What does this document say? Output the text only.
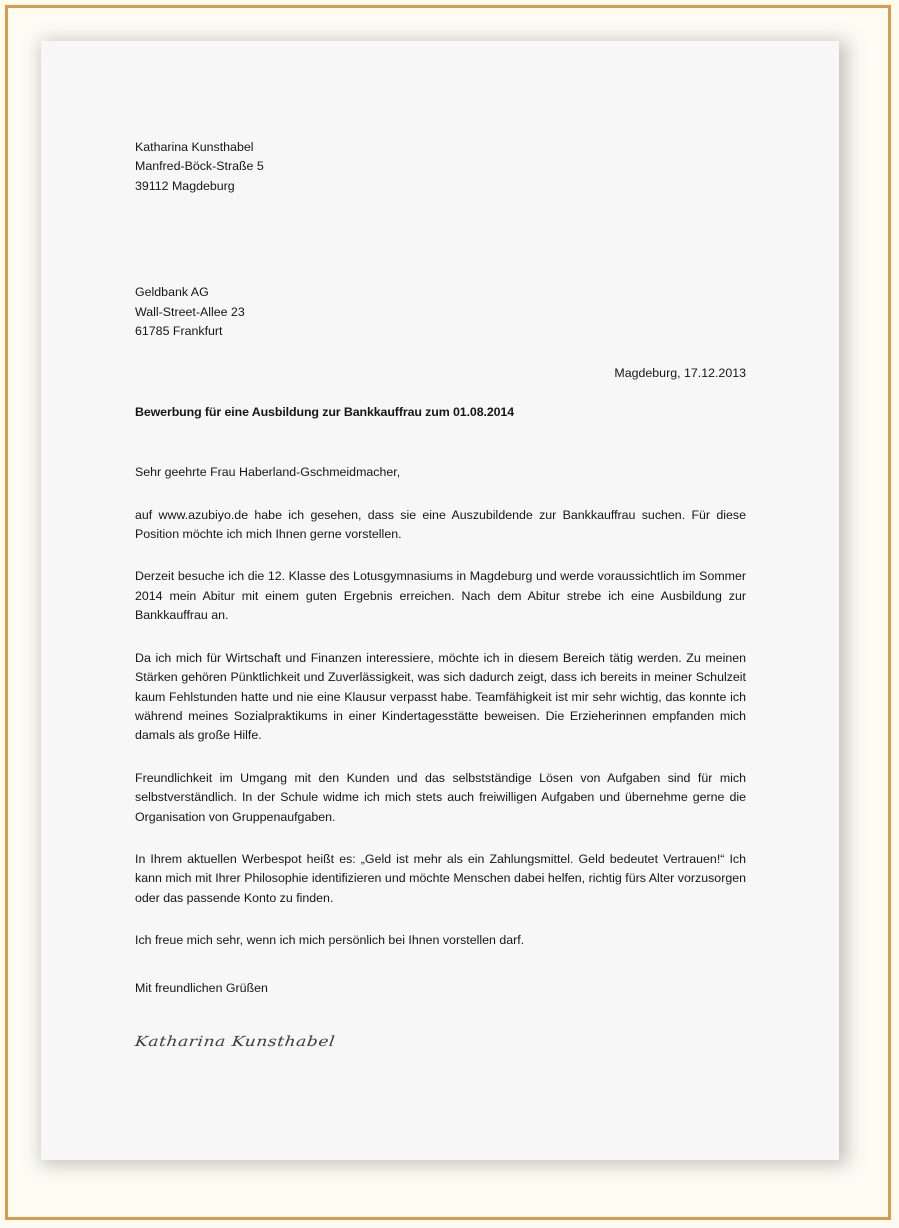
Katharina Kunsthabel
Manfred-Böck-Straße 5
39112 Magdeburg
Geldbank AG
Wall-Street-Allee 23
61785 Frankfurt
Magdeburg, 17.12.2013
Bewerbung für eine Ausbildung zur Bankkauffrau zum 01.08.2014
Sehr geehrte Frau Haberland-Gschmeidmacher,

auf www.azubiyo.de habe ich gesehen, dass sie eine Auszubildende zur Bankkauffrau suchen. Für diese Position möchte ich mich Ihnen gerne vorstellen.

Derzeit besuche ich die 12. Klasse des Lotusgymnasiums in Magdeburg und werde voraussichtlich im Sommer 2014 mein Abitur mit einem guten Ergebnis erreichen. Nach dem Abitur strebe ich eine Ausbildung zur Bankkauffrau an.

Da ich mich für Wirtschaft und Finanzen interessiere, möchte ich in diesem Bereich tätig werden. Zu meinen Stärken gehören Pünktlichkeit und Zuverlässigkeit, was sich dadurch zeigt, dass ich bereits in meiner Schulzeit kaum Fehlstunden hatte und nie eine Klausur verpasst habe. Teamfähigkeit ist mir sehr wichtig, das konnte ich während meines Sozialpraktikums in einer Kindertagesstätte beweisen. Die Erzieherinnen empfanden mich damals als große Hilfe.

Freundlichkeit im Umgang mit den Kunden und das selbstständige Lösen von Aufgaben sind für mich selbstverständlich. In der Schule widme ich mich stets auch freiwilligen Aufgaben und übernehme gerne die Organisation von Gruppenaufgaben.

In Ihrem aktuellen Werbespot heißt es: „Geld ist mehr als ein Zahlungsmittel. Geld bedeutet Vertrauen!“ Ich kann mich mit Ihrer Philosophie identifizieren und möchte Menschen dabei helfen, richtig fürs Alter vorzusorgen oder das passende Konto zu finden.

Ich freue mich sehr, wenn ich mich persönlich bei Ihnen vorstellen darf.

Mit freundlichen Grüßen
Katharina Kunsthabel
